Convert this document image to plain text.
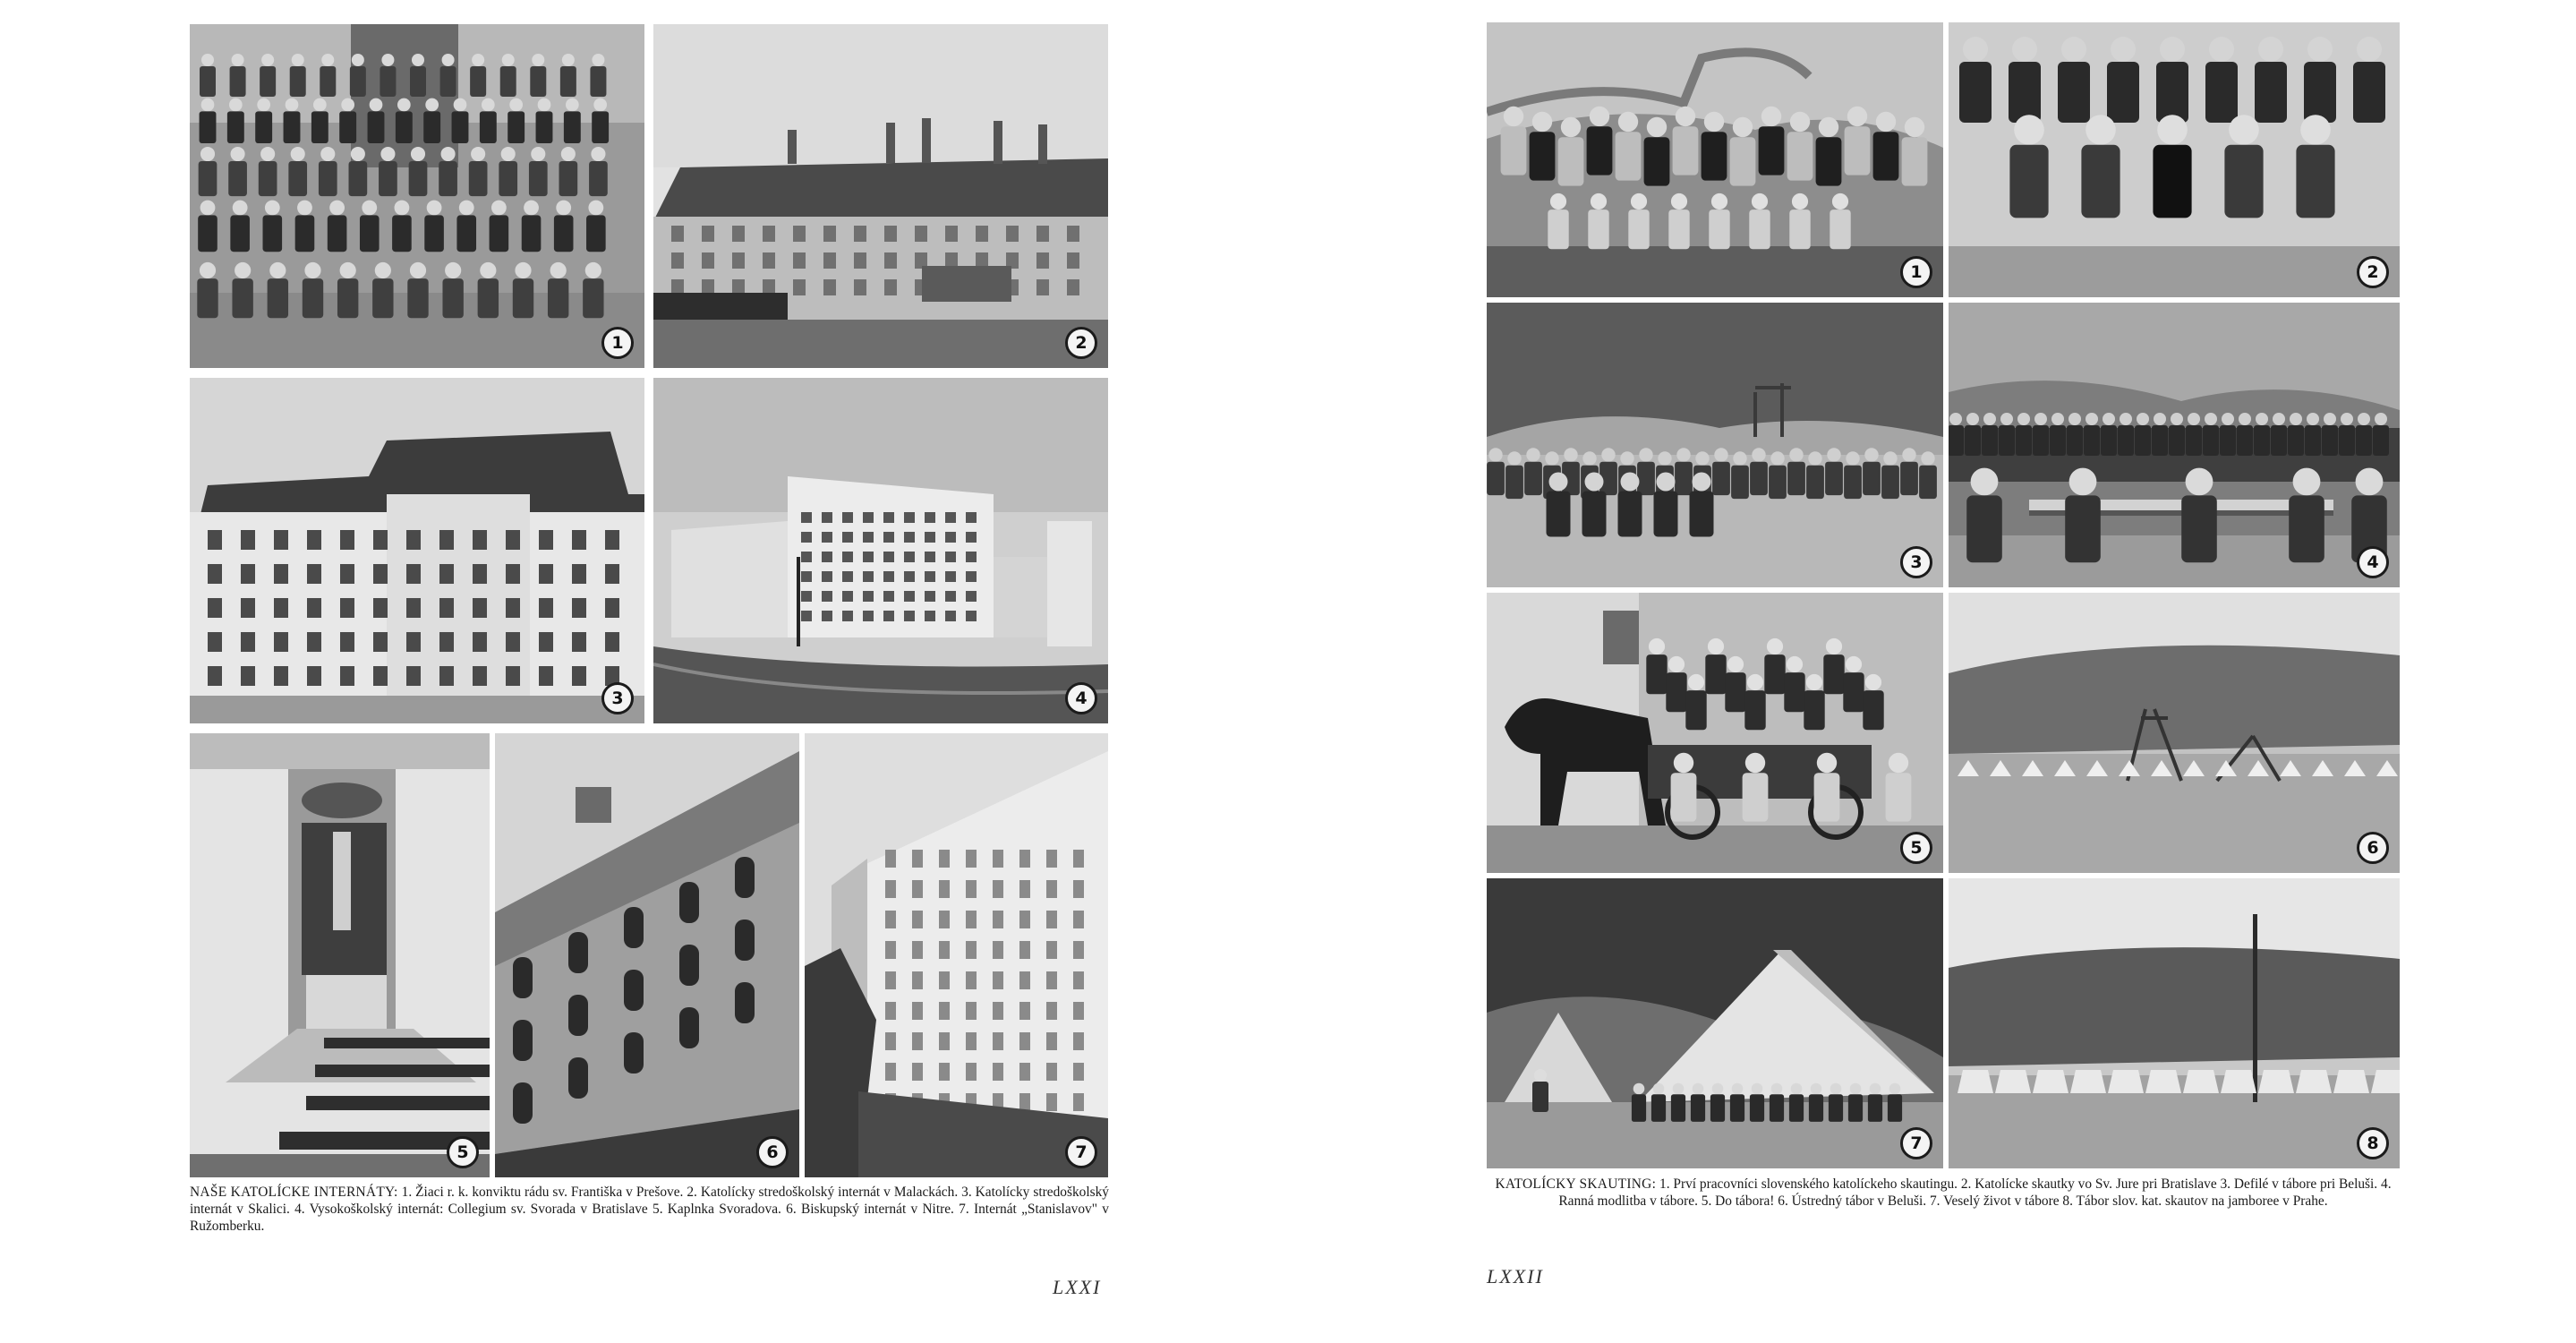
1	2
3	4
5	6	7
NAŠE KATOLÍCKE INTERNÁTY: 1. Žiaci r. k. konviktu rádu sv. Františka v Prešove. 2. Katolícky stredoškolský internát v Malackách. 3. Katolícky stredoškolský internát v Skalici. 4. Vysokoškolský internát: Collegium sv. Svorada v Bratislave 5. Kaplnka Svoradova. 6. Biskupský internát v Nitre. 7. Internát „Stanislavov" v Ružomberku.
LXXI
1	2
3	4
5	6
7	8
KATOLÍCKY SKAUTING: 1. Prví pracovníci slovenského katolíckeho skautingu. 2. Katolícke skautky vo Sv. Jure pri Bratislave 3. Defilé v tábore pri Beluši. 4. Ranná modlitba v tábore. 5. Do tábora! 6. Ústredný tábor v Beluši. 7. Veselý život v tábore 8. Tábor slov. kat. skautov na jamboree v Prahe.
LXXII
